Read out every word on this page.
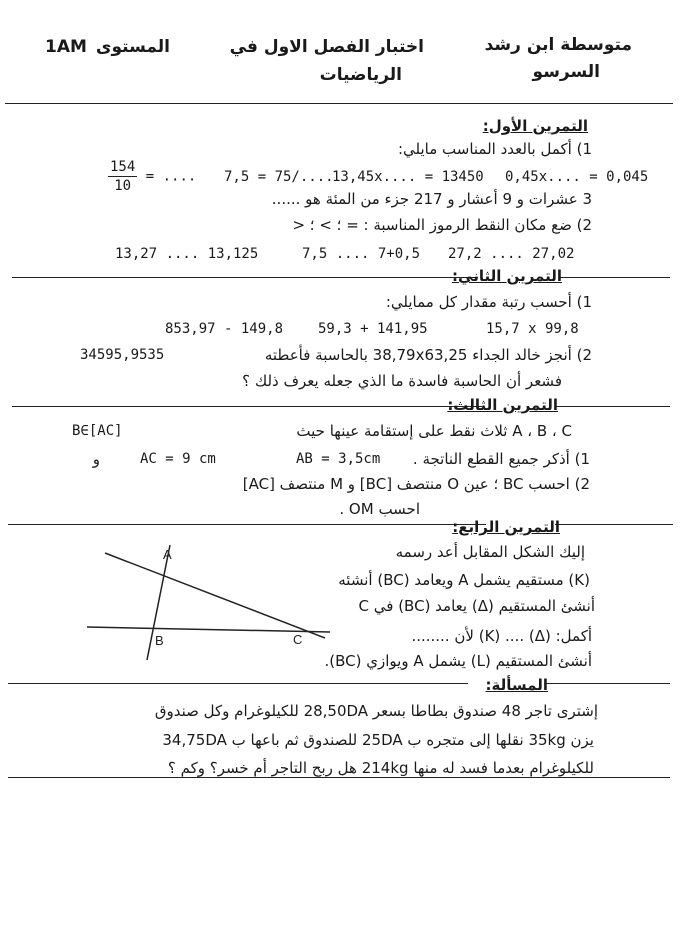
1AM المستوى	اختبار الفصل الاول في
الرياضيات
متوسطة ابن رشد
السرسو
التمرين الأول:
1) أكمل بالعدد المناسب مايلي:
$\frac{154}{10}$ = .... 7,5 = 75/....
13,45x.... = 13450 0,45x.... = 0,045
3 عشرات و 9 أعشار و 217 جزء من المئة هو ......
2) ضع مكان النقط الرموز المناسبة : = ؛ > ؛ <
13,27 .... 13,125	7,5 .... 7+0,5 27,2 .... 27,02
التمرين الثاني:
1) أحسب رتبة مقدار كل ممايلي:
853,97 - 149,8 59,3 + 141,95	15,7 x 99,8
34595,9535	2) أنجز خالد الجداء 38,79x63,25 بالحاسبة فأعطته
فشعر أن الحاسبة فاسدة ما الذي جعله يعرف ذلك ؟
التمرين الثالث:
B∈[AC]	A ، B ، C ثلاث نقط على إستقامة عينها حيث
و	AC = 9 cm	AB = 3,5cm	1) أذكر جميع القطع الناتجة .
2) احسب BC ؛ عين O منتصف [BC] و M منتصف [AC]
احسب OM .
التمرين الرابع:
إليك الشكل المقابل أعد رسمه
(K) مستقيم يشمل A ويعامد (BC) أنشئه
أنشئ المستقيم (Δ) يعامد (BC) في C
أكمل: (Δ) .... (K) لأن ........
أنشئ المستقيم (L) يشمل A ويوازي (BC).
A
B	C
المسألة:
إشترى تاجر 48 صندوق بطاطا بسعر 28,50DA للكيلوغرام وكل صندوق
يزن 35kg نقلها إلى متجره ب 25DA للصندوق ثم باعها ب 34,75DA
للكيلوغرام بعدما فسد له منها 214kg هل ربح التاجر أم خسر؟ وكم ؟
